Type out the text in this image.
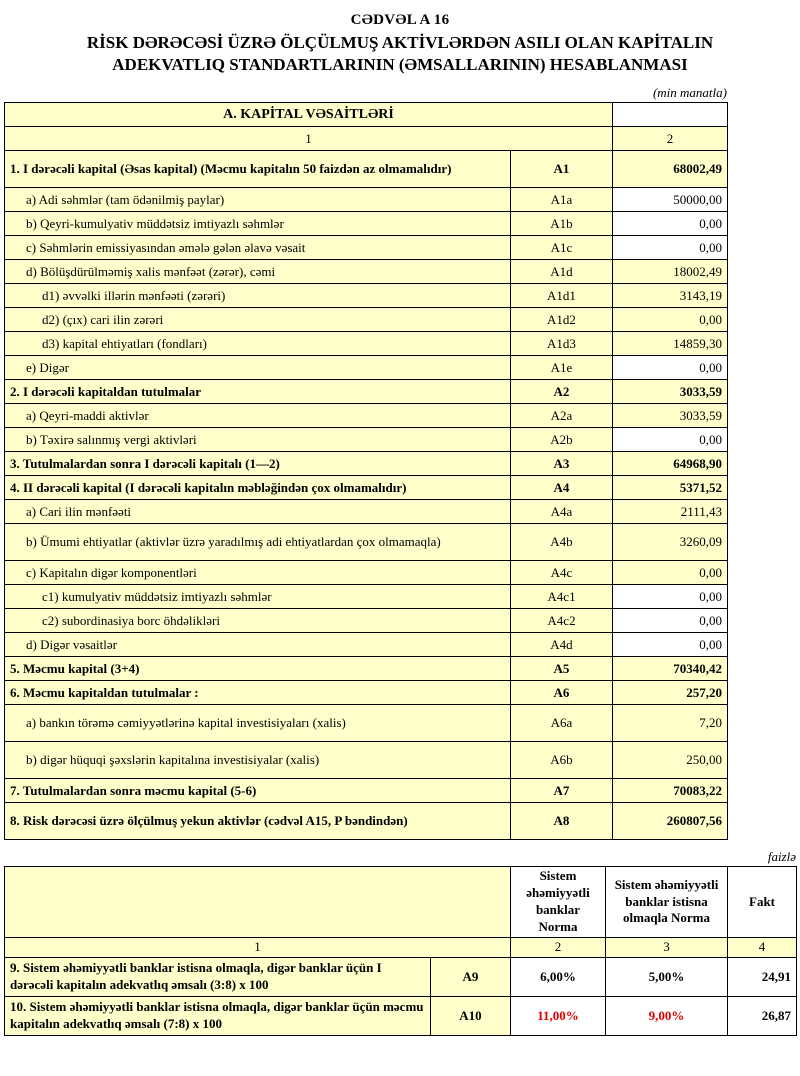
CƏDVƏL A 16
RİSK DƏRƏCƏSİ ÜZRƏ ÖLÇÜLMUŞ AKTİVLƏRDƏN ASILI OLAN KAPİTALIN
ADEKVATLIQ STANDARTLARININ (ƏMSALLARININ) HESABLANMASI
(min manatla)
A. KAPİTAL VƏSAİTLƏRİ		
1		2
1. I dərəcəli kapital (Əsas kapital) (Məcmu kapitalın 50 faizdən az olmamalıdır)	A1	68002,49
a) Adi səhmlər (tam ödənilmiş paylar)	A1a	50000,00
b) Qeyri-kumulyativ müddətsiz imtiyazlı səhmlər	A1b	0,00
c) Səhmlərin emissiyasından əmələ gələn əlavə vəsait	A1c	0,00
d) Bölüşdürülməmiş xalis mənfəət (zərər), cəmi	A1d	18002,49
d1) əvvəlki illərin mənfəəti (zərəri)	A1d1	3143,19
d2) (çıx) cari ilin zərəri	A1d2	0,00
d3) kapital ehtiyatları (fondları)	A1d3	14859,30
e) Digər	A1e	0,00
2. I dərəcəli kapitaldan tutulmalar	A2	3033,59
a) Qeyri-maddi aktivlər	A2a	3033,59
b) Təxirə salınmış vergi aktivləri	A2b	0,00
3. Tutulmalardan sonra I dərəcəli kapitalı (1—2)	A3	64968,90
4. II dərəcəli kapital (I dərəcəli kapitalın məbləğindən çox olmamalıdır)	A4	5371,52
a) Cari ilin mənfəəti	A4a	2111,43
b) Ümumi ehtiyatlar (aktivlər üzrə yaradılmış adi ehtiyatlardan çox olmamaqla)	A4b	3260,09
c) Kapitalın digər komponentləri	A4c	0,00
c1) kumulyativ müddətsiz imtiyazlı səhmlər	A4c1	0,00
c2) subordinasiya borc öhdəlikləri	A4c2	0,00
d) Digər vəsaitlər	A4d	0,00
5. Məcmu kapital (3+4)	A5	70340,42
6. Məcmu kapitaldan tutulmalar :	A6	257,20
a) bankın törəmə cəmiyyətlərinə kapital investisiyaları (xalis)	A6a	7,20
b) digər hüquqi şəxslərin kapitalına investisiyalar (xalis)	A6b	250,00
7. Tutulmalardan sonra məcmu kapital (5-6)	A7	70083,22
8. Risk dərəcəsi üzrə ölçülmuş yekun aktivlər (cədvəl A15, P bəndindən)	A8	260807,56
faizlə
		Sistem əhəmiyyətli banklar Norma	Sistem əhəmiyyətli banklar istisna olmaqla Norma	Fakt
1		2	3	4
9. Sistem əhəmiyyətli banklar istisna olmaqla, digər banklar üçün I dərəcəli kapitalın adekvatlıq əmsalı (3:8) x 100	A9	6,00%	5,00%	24,91
10. Sistem əhəmiyyətli banklar istisna olmaqla, digər banklar üçün məcmu kapitalın adekvatlıq əmsalı (7:8) x 100	A10	11,00%	9,00%	26,87
